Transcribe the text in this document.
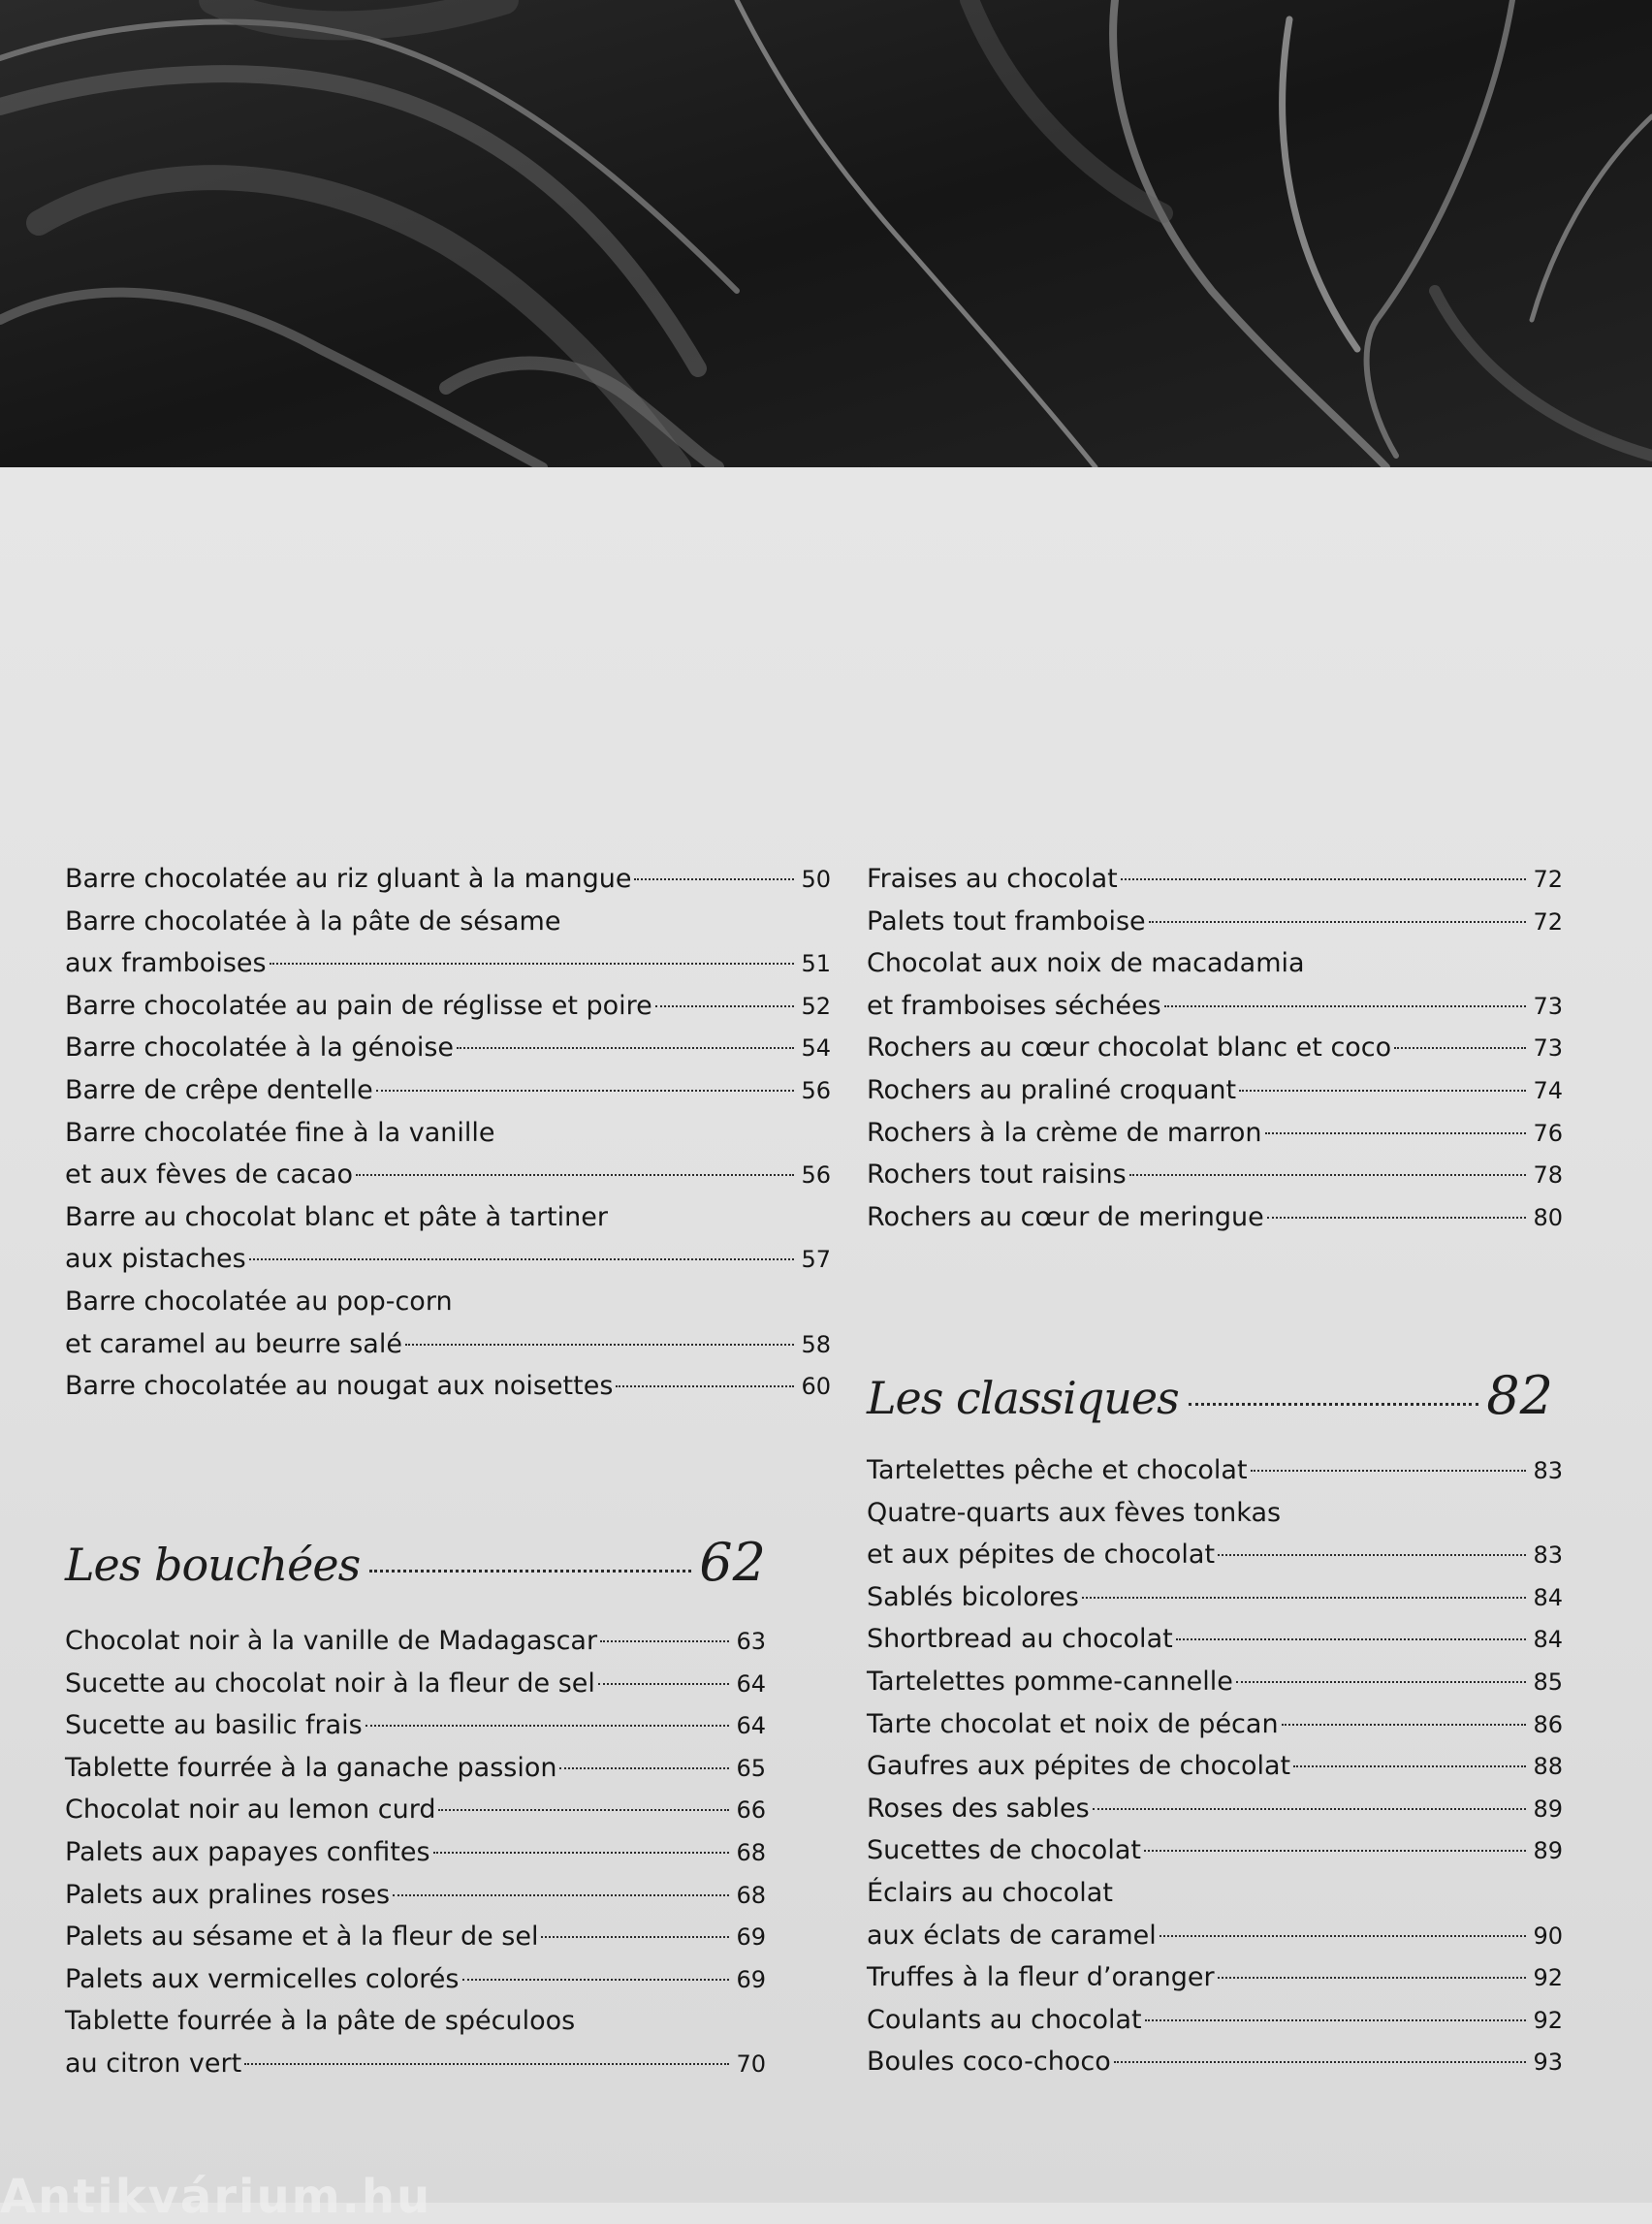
Barre chocolatée au riz gluant à la mangue	50
Barre chocolatée à la pâte de sésame
aux framboises	51
Barre chocolatée au pain de réglisse et poire	52
Barre chocolatée à la génoise	54
Barre de crêpe dentelle	56
Barre chocolatée fine à la vanille
et aux fèves de cacao	56
Barre au chocolat blanc et pâte à tartiner
aux pistaches	57
Barre chocolatée au pop-corn
et caramel au beurre salé	58
Barre chocolatée au nougat aux noisettes	60
Les bouchées	62
Chocolat noir à la vanille de Madagascar	63
Sucette au chocolat noir à la fleur de sel	64
Sucette au basilic frais	64
Tablette fourrée à la ganache passion	65
Chocolat noir au lemon curd	66
Palets aux papayes confites	68
Palets aux pralines roses	68
Palets au sésame et à la fleur de sel	69
Palets aux vermicelles colorés	69
Tablette fourrée à la pâte de spéculoos
au citron vert	70
Fraises au chocolat	72
Palets tout framboise	72
Chocolat aux noix de macadamia
et framboises séchées	73
Rochers au cœur chocolat blanc et coco	73
Rochers au praliné croquant	74
Rochers à la crème de marron	76
Rochers tout raisins	78
Rochers au cœur de meringue	80
Les classiques	82
Tartelettes pêche et chocolat	83
Quatre-quarts aux fèves tonkas
et aux pépites de chocolat	83
Sablés bicolores	84
Shortbread au chocolat	84
Tartelettes pomme-cannelle	85
Tarte chocolat et noix de pécan	86
Gaufres aux pépites de chocolat	88
Roses des sables	89
Sucettes de chocolat	89
Éclairs au chocolat
aux éclats de caramel	90
Truffes à la fleur d’oranger	92
Coulants au chocolat	92
Boules coco-choco	93
Antikvárium.hu
